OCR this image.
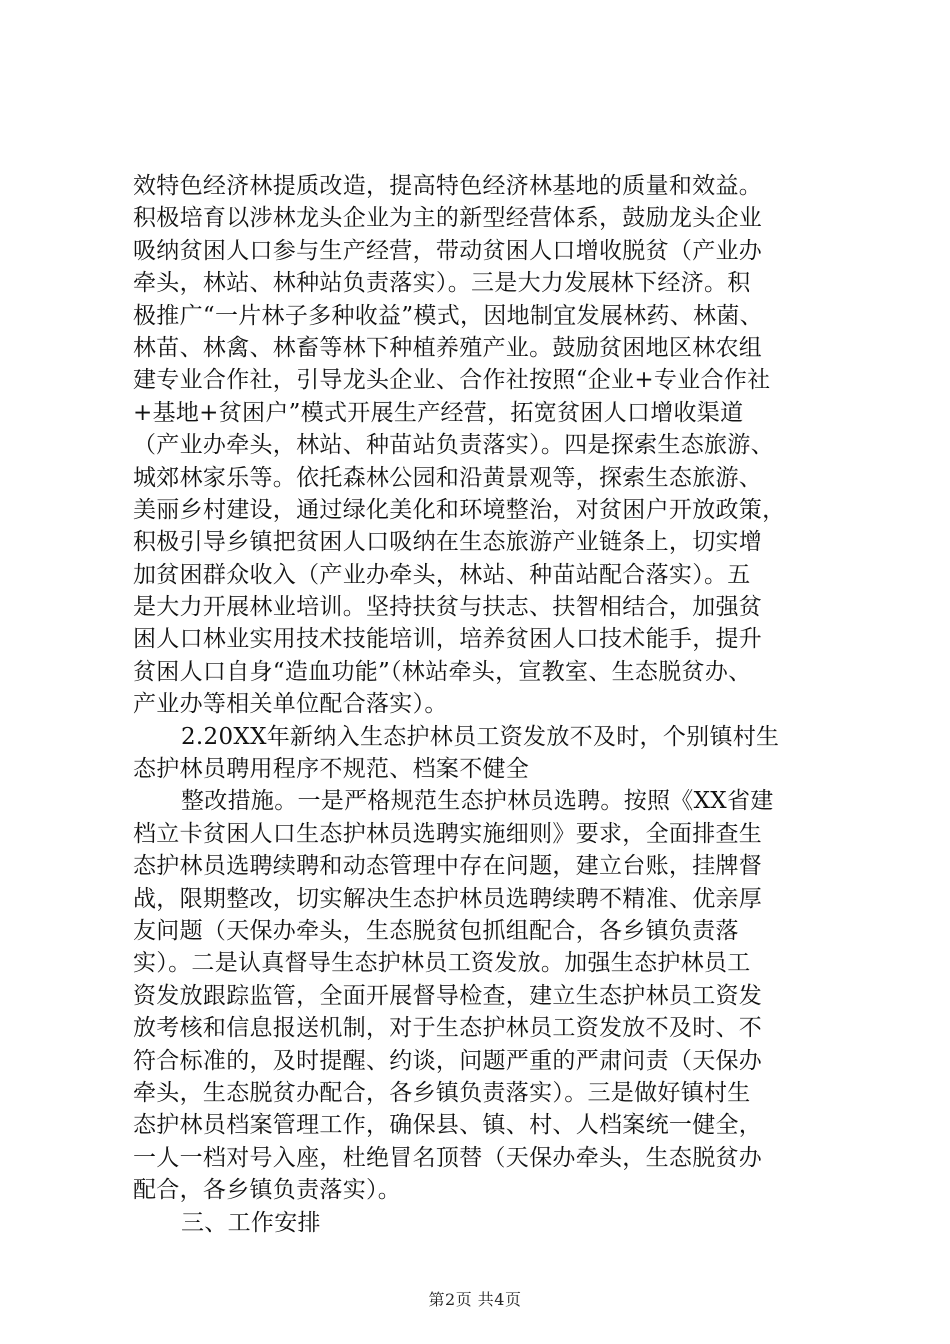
效特色经济林提质改造，提高特色经济林基地的质量和效益。
积极培育以涉林龙头企业为主的新型经营体系，鼓励龙头企业
吸纳贫困人口参与生产经营，带动贫困人口增收脱贫（产业办
牵头，林站、林种站负责落实）。三是大力发展林下经济。积
极推广“一片林子多种收益”模式，因地制宜发展林药、林菌、
林苗、林禽、林畜等林下种植养殖产业。鼓励贫困地区林农组
建专业合作社，引导龙头企业、合作社按照“企业+专业合作社
+基地+贫困户”模式开展生产经营，拓宽贫困人口增收渠道
（产业办牵头，林站、种苗站负责落实）。四是探索生态旅游、
城郊林家乐等。依托森林公园和沿黄景观等，探索生态旅游、
美丽乡村建设，通过绿化美化和环境整治，对贫困户开放政策，
积极引导乡镇把贫困人口吸纳在生态旅游产业链条上，切实增
加贫困群众收入（产业办牵头，林站、种苗站配合落实）。五
是大力开展林业培训。坚持扶贫与扶志、扶智相结合，加强贫
困人口林业实用技术技能培训，培养贫困人口技术能手，提升
贫困人口自身“造血功能”（林站牵头，宣教室、生态脱贫办、
产业办等相关单位配合落实）。
2.20XX年新纳入生态护林员工资发放不及时，个别镇村生
态护林员聘用程序不规范、档案不健全
整改措施。一是严格规范生态护林员选聘。按照《XX省建
档立卡贫困人口生态护林员选聘实施细则》要求，全面排查生
态护林员选聘续聘和动态管理中存在问题，建立台账，挂牌督
战，限期整改，切实解决生态护林员选聘续聘不精准、优亲厚
友问题（天保办牵头，生态脱贫包抓组配合，各乡镇负责落
实）。二是认真督导生态护林员工资发放。加强生态护林员工
资发放跟踪监管，全面开展督导检查，建立生态护林员工资发
放考核和信息报送机制，对于生态护林员工资发放不及时、不
符合标准的，及时提醒、约谈，问题严重的严肃问责（天保办
牵头，生态脱贫办配合，各乡镇负责落实）。三是做好镇村生
态护林员档案管理工作，确保县、镇、村、人档案统一健全，
一人一档对号入座，杜绝冒名顶替（天保办牵头，生态脱贫办
配合，各乡镇负责落实）。
三、工作安排
第2页 共4页
